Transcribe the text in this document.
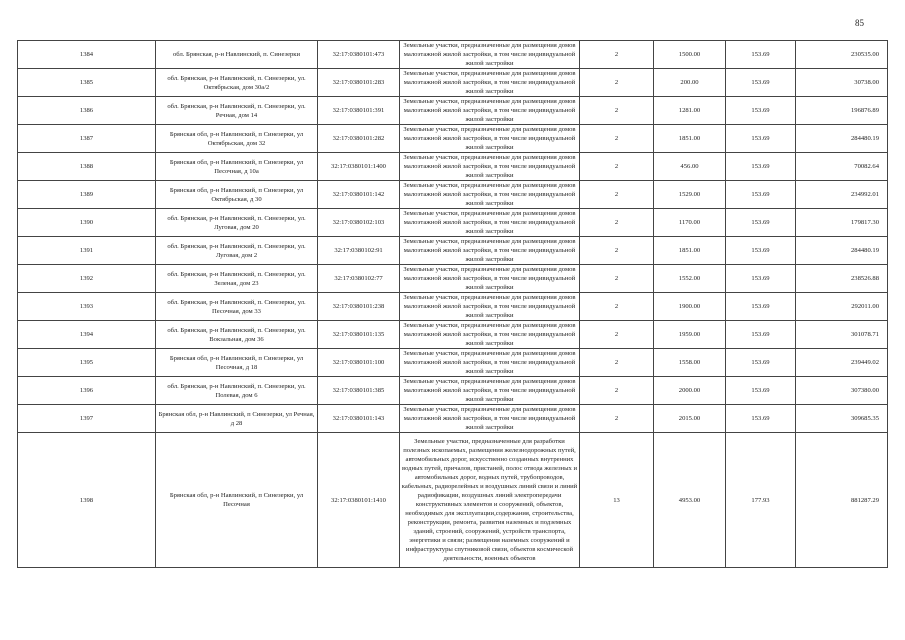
85
1384	обл. Брянская, р-н Навлинский, п. Синезерки	32:17:0380101:473	Земельные участки, предназначенные для размещения домов малоэтажной жилой застройки, в том числе индивидуальной жилой застройки	2	1500.00	153.69	230535.00
1385	обл. Брянская, р-н Навлинский, п. Синезерки, ул. Октябрьская, дом 30а/2	32:17:0380101:283	Земельные участки, предназначенные для размещения домов малоэтажной жилой застройки, в том числе индивидуальной жилой застройки	2	200.00	153.69	30738.00
1386	обл. Брянская, р-н Навлинский, п. Синезерки, ул. Речная, дом 14	32:17:0380101:391	Земельные участки, предназначенные для размещения домов малоэтажной жилой застройки, в том числе индивидуальной жилой застройки	2	1281.00	153.69	196876.89
1387	Брянская обл, р-н Навлинский, п Синезерки, ул Октябрьская, дом 32	32:17:0380101:282	Земельные участки, предназначенные для размещения домов малоэтажной жилой застройки, в том числе индивидуальной жилой застройки	2	1851.00	153.69	284480.19
1388	Брянская обл, р-н Навлинский, п Синезерки, ул Песочная, д 10а	32:17:0380101:1400	Земельные участки, предназначенные для размещения домов малоэтажной жилой застройки, в том числе индивидуальной жилой застройки	2	456.00	153.69	70082.64
1389	Брянская обл, р-н Навлинский, п Синезерки, ул Октябрьская, д 30	32:17:0380101:142	Земельные участки, предназначенные для размещения домов малоэтажной жилой застройки, в том числе индивидуальной жилой застройки	2	1529.00	153.69	234992.01
1390	обл. Брянская, р-н Навлинский, п. Синезерки, ул. Луговая, дом 20	32:17:0380102:103	Земельные участки, предназначенные для размещения домов малоэтажной жилой застройки, в том числе индивидуальной жилой застройки	2	1170.00	153.69	179817.30
1391	обл. Брянская, р-н Навлинский, п. Синезерки, ул. Луговая, дом 2	32:17:0380102:91	Земельные участки, предназначенные для размещения домов малоэтажной жилой застройки, в том числе индивидуальной жилой застройки	2	1851.00	153.69	284480.19
1392	обл. Брянская, р-н Навлинский, п. Синезерки, ул. Зеленая, дом 23	32:17:0380102:77	Земельные участки, предназначенные для размещения домов малоэтажной жилой застройки, в том числе индивидуальной жилой застройки	2	1552.00	153.69	238526.88
1393	обл. Брянская, р-н Навлинский, п. Синезерки, ул. Песочная, дом 33	32:17:0380101:238	Земельные участки, предназначенные для размещения домов малоэтажной жилой застройки, в том числе индивидуальной жилой застройки	2	1900.00	153.69	292011.00
1394	обл. Брянская, р-н Навлинский, п. Синезерки, ул. Вокзальная, дом 36	32:17:0380101:135	Земельные участки, предназначенные для размещения домов малоэтажной жилой застройки, в том числе индивидуальной жилой застройки	2	1959.00	153.69	301078.71
1395	Брянская обл, р-н Навлинский, п Синезерки, ул Песочная, д 18	32:17:0380101:100	Земельные участки, предназначенные для размещения домов малоэтажной жилой застройки, в том числе индивидуальной жилой застройки	2	1558.00	153.69	239449.02
1396	обл. Брянская, р-н Навлинский, п. Синезерки, ул. Полевая, дом 6	32:17:0380101:385	Земельные участки, предназначенные для размещения домов малоэтажной жилой застройки, в том числе индивидуальной жилой застройки	2	2000.00	153.69	307380.00
1397	Брянская обл, р-н Навлинский, п Синезерки, ул Речная, д 28	32:17:0380101:143	Земельные участки, предназначенные для размещения домов малоэтажной жилой застройки, в том числе индивидуальной жилой застройки	2	2015.00	153.69	309685.35
1398	Брянская обл, р-н Навлинский, п Синезерки, ул Песочная	32:17:0380101:1410	Земельные участки, предназначенные для разработки полезных ископаемых, размещения железнодорожных путей, автомобильных дорог, искусственно созданных внутренних водных путей, причалов, пристаней, полос отвода железных и автомобильных дорог, водных путей, трубопроводов, кабельных, радиорелейных и воздушных линий связи и линий радиофикации, воздушных линий электропередачи конструктивных элементов и сооружений, объектов, необходимых для эксплуатации,содержания, строительства, реконструкции, ремонта, развития наземных и подземных зданий, строений, сооружений, устройств транспорта, энергетики и связи; размещения наземных сооружений и инфраструктуры спутниковой связи, объектов космической деятельности, военных объектов	13	4953.00	177.93	881287.29
